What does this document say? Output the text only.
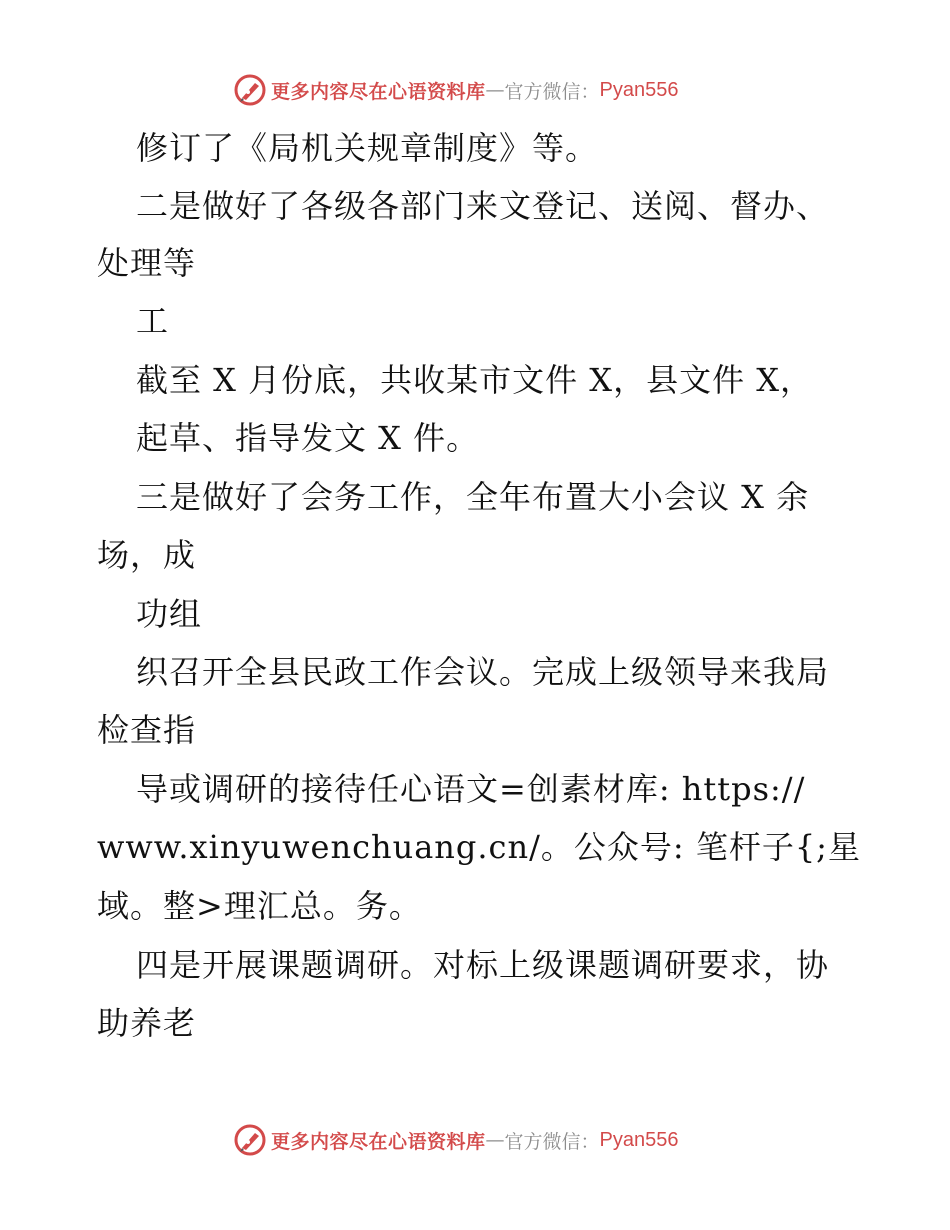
更多内容尽在心语资料库 — 官方微信： Pyan556
修订了《局机关规章制度》等。
二是做好了各级各部门来文登记、送阅、督办、
处理等
工
截至 X 月份底，共收某市文件 X，县文件 X，
起草、指导发文 X 件。
三是做好了会务工作，全年布置大小会议 X 余
场，成
功组
织召开全县民政工作会议。完成上级领导来我局
检查指
导或调研的接待任心语文=创素材库: https://
www.xinyuwenchuang.cn/。公众号: 笔杆子{;星
域。整>理汇总。务。
四是开展课题调研。对标上级课题调研要求，协
助养老
更多内容尽在心语资料库 — 官方微信： Pyan556
